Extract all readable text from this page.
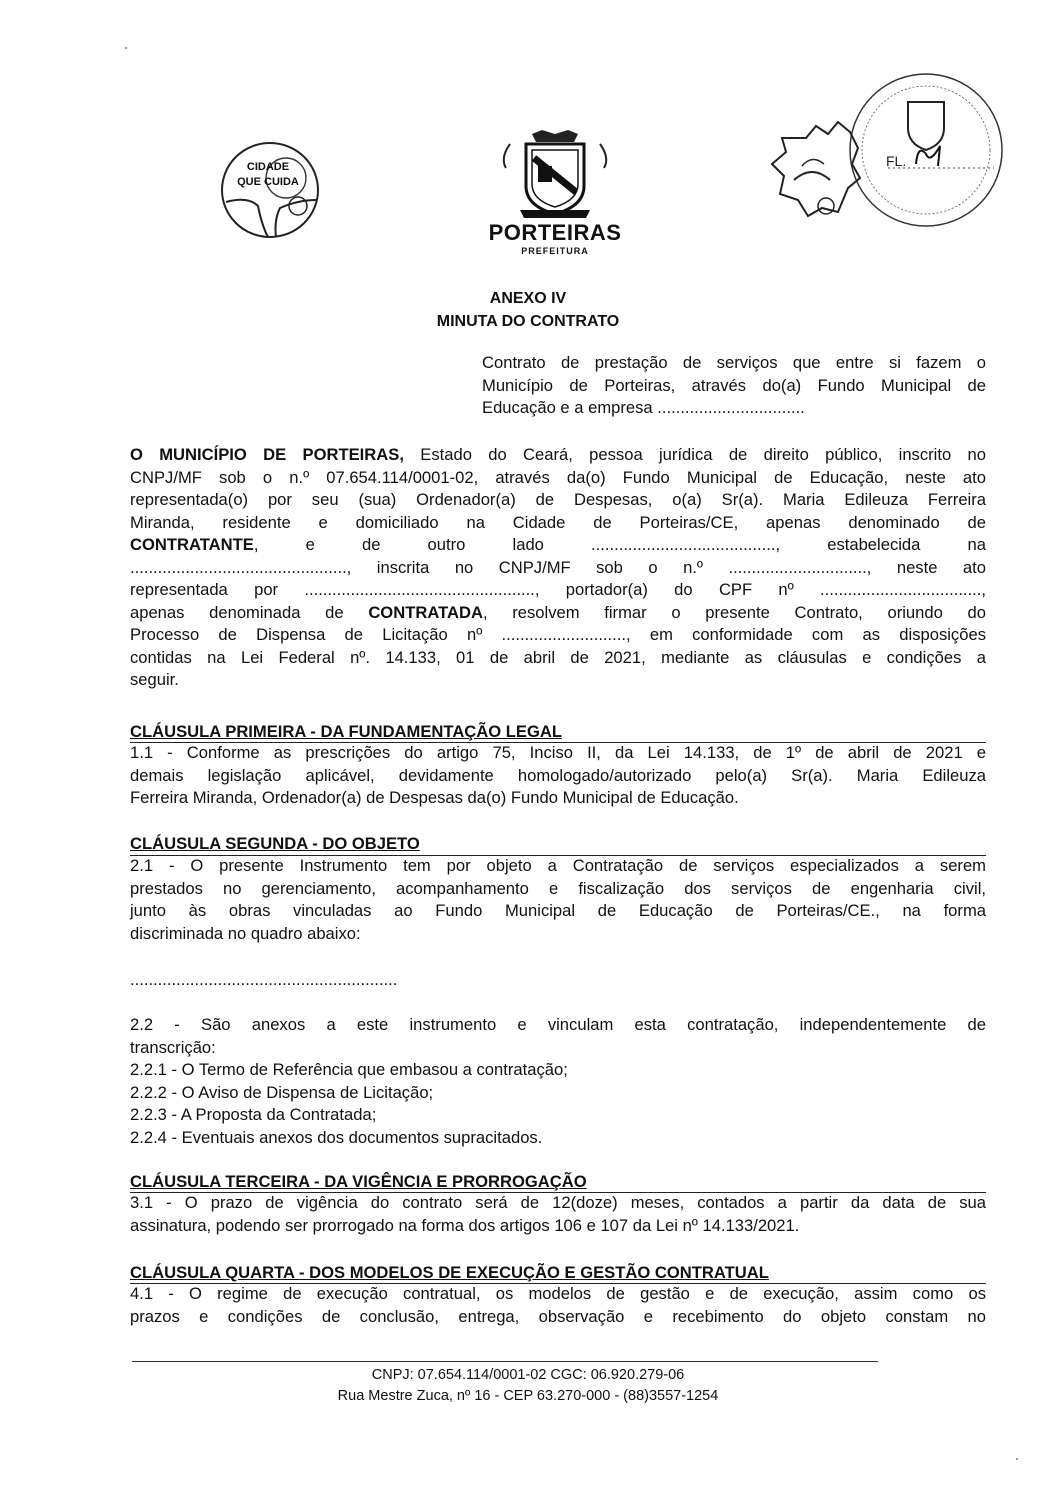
CIDADE
QUE CUIDA
PORTEIRAS
PREFEITURA
FL.
ANEXO IV
MINUTA DO CONTRATO
Contrato de prestação de serviços que entre si fazem o
Município de Porteiras, através do(a) Fundo Municipal de
Educação e a empresa ................................
O MUNICÍPIO DE PORTEIRAS, Estado do Ceará, pessoa jurídica de direito público, inscrito no
CNPJ/MF sob o n.º 07.654.114/0001-02, através da(o) Fundo Municipal de Educação, neste ato
representada(o) por seu (sua) Ordenador(a) de Despesas, o(a) Sr(a). Maria Edileuza Ferreira
Miranda, residente e domiciliado na Cidade de Porteiras/CE, apenas denominado de
CONTRATANTE, e de outro lado ........................................, estabelecida na
..............................................., inscrita no CNPJ/MF sob o n.º .............................., neste ato
representada por .................................................., portador(a) do CPF nº ...................................,
apenas denominada de CONTRATADA, resolvem firmar o presente Contrato, oriundo do
Processo de Dispensa de Licitação nº ..........................., em conformidade com as disposições
contidas na Lei Federal nº. 14.133, 01 de abril de 2021, mediante as cláusulas e condições a
seguir.
CLÁUSULA PRIMEIRA - DA FUNDAMENTAÇÃO LEGAL
1.1 - Conforme as prescrições do artigo 75, Inciso II, da Lei 14.133, de 1º de abril de 2021 e
demais legislação aplicável, devidamente homologado/autorizado pelo(a) Sr(a). Maria Edileuza
Ferreira Miranda, Ordenador(a) de Despesas da(o) Fundo Municipal de Educação.
CLÁUSULA SEGUNDA - DO OBJETO
2.1 - O presente Instrumento tem por objeto a Contratação de serviços especializados a serem
prestados no gerenciamento, acompanhamento e fiscalização dos serviços de engenharia civil,
junto às obras vinculadas ao Fundo Municipal de Educação de Porteiras/CE., na forma
discriminada no quadro abaixo:
..........................................................
2.2 - São anexos a este instrumento e vinculam esta contratação, independentemente de
transcrição:
2.2.1 - O Termo de Referência que embasou a contratação;
2.2.2 - O Aviso de Dispensa de Licitação;
2.2.3 - A Proposta da Contratada;
2.2.4 - Eventuais anexos dos documentos supracitados.
CLÁUSULA TERCEIRA - DA VIGÊNCIA E PRORROGAÇÃO
3.1 - O prazo de vigência do contrato será de 12(doze) meses, contados a partir da data de sua
assinatura, podendo ser prorrogado na forma dos artigos 106 e 107 da Lei nº 14.133/2021.
CLÁUSULA QUARTA - DOS MODELOS DE EXECUÇÃO E GESTÃO CONTRATUAL
4.1 - O regime de execução contratual, os modelos de gestão e de execução, assim como os
prazos e condições de conclusão, entrega, observação e recebimento do objeto constam no
CNPJ: 07.654.114/0001-02 CGC: 06.920.279-06
Rua Mestre Zuca, nº 16 - CEP 63.270-000 - (88)3557-1254
